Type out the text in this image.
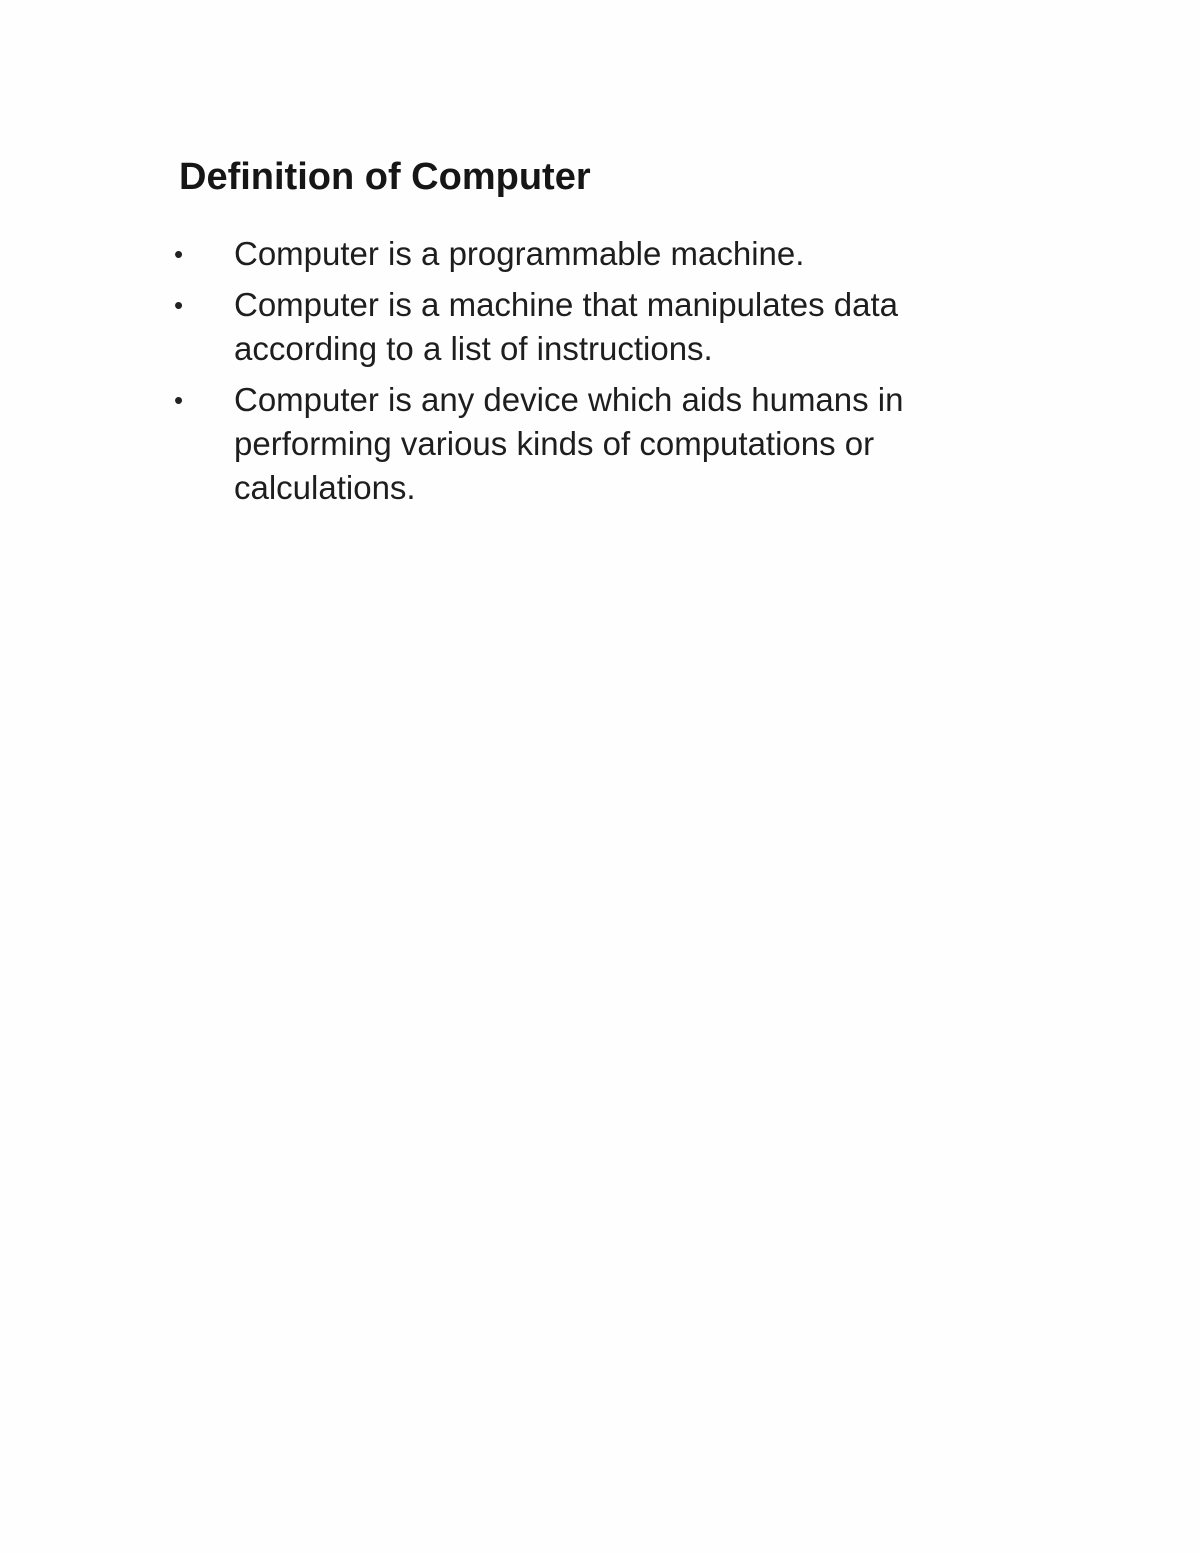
Definition of Computer
•	Computer is a programmable machine.
•	Computer is a machine that manipulates data according to a list of instructions.
•	Computer is any device which aids humans in performing various kinds of computations or calculations.
